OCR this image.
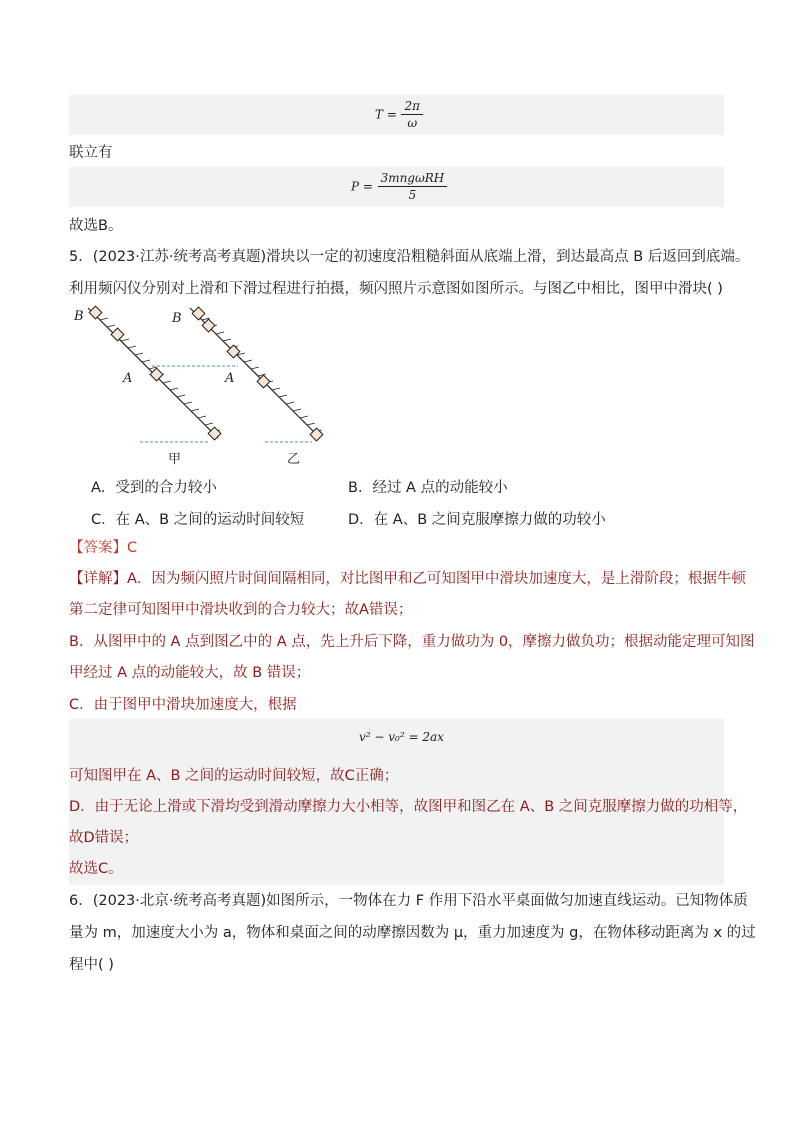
$T = \frac{2\pi}{\omega}$
联立有
$P = \frac{\text{3mngωRH}}{5}$
故选B。
5．(2023·江苏·统考高考真题)滑块以一定的初速度沿粗糙斜面从底端上滑，到达最高点 B 后返回到底端。
利用频闪仪分别对上滑和下滑过程进行拍摄，频闪照片示意图如图所示。与图乙中相比，图甲中滑块( )
B
A
B
A
甲	乙
A．受到的合力较小	B．经过 A 点的动能较小
C．在 A、B 之间的运动时间较短	D．在 A、B 之间克服摩擦力做的功较小
【答案】C
【详解】A．因为频闪照片时间间隔相同，对比图甲和乙可知图甲中滑块加速度大，是上滑阶段；根据牛顿
第二定律可知图甲中滑块收到的合力较大；故A错误；
B．从图甲中的 A 点到图乙中的 A 点，先上升后下降，重力做功为 0，摩擦力做负功；根据动能定理可知图
甲经过 A 点的动能较大，故 B 错误；
C．由于图甲中滑块加速度大，根据
v² − v₀² = 2ax
可知图甲在 A、B 之间的运动时间较短，故C正确；
D．由于无论上滑或下滑均受到滑动摩擦力大小相等，故图甲和图乙在 A、B 之间克服摩擦力做的功相等，
故D错误；
故选C。
6．(2023·北京·统考高考真题)如图所示，一物体在力 F 作用下沿水平桌面做匀加速直线运动。已知物体质
量为 m，加速度大小为 a，物体和桌面之间的动摩擦因数为 μ，重力加速度为 g，在物体移动距离为 x 的过
程中( )
